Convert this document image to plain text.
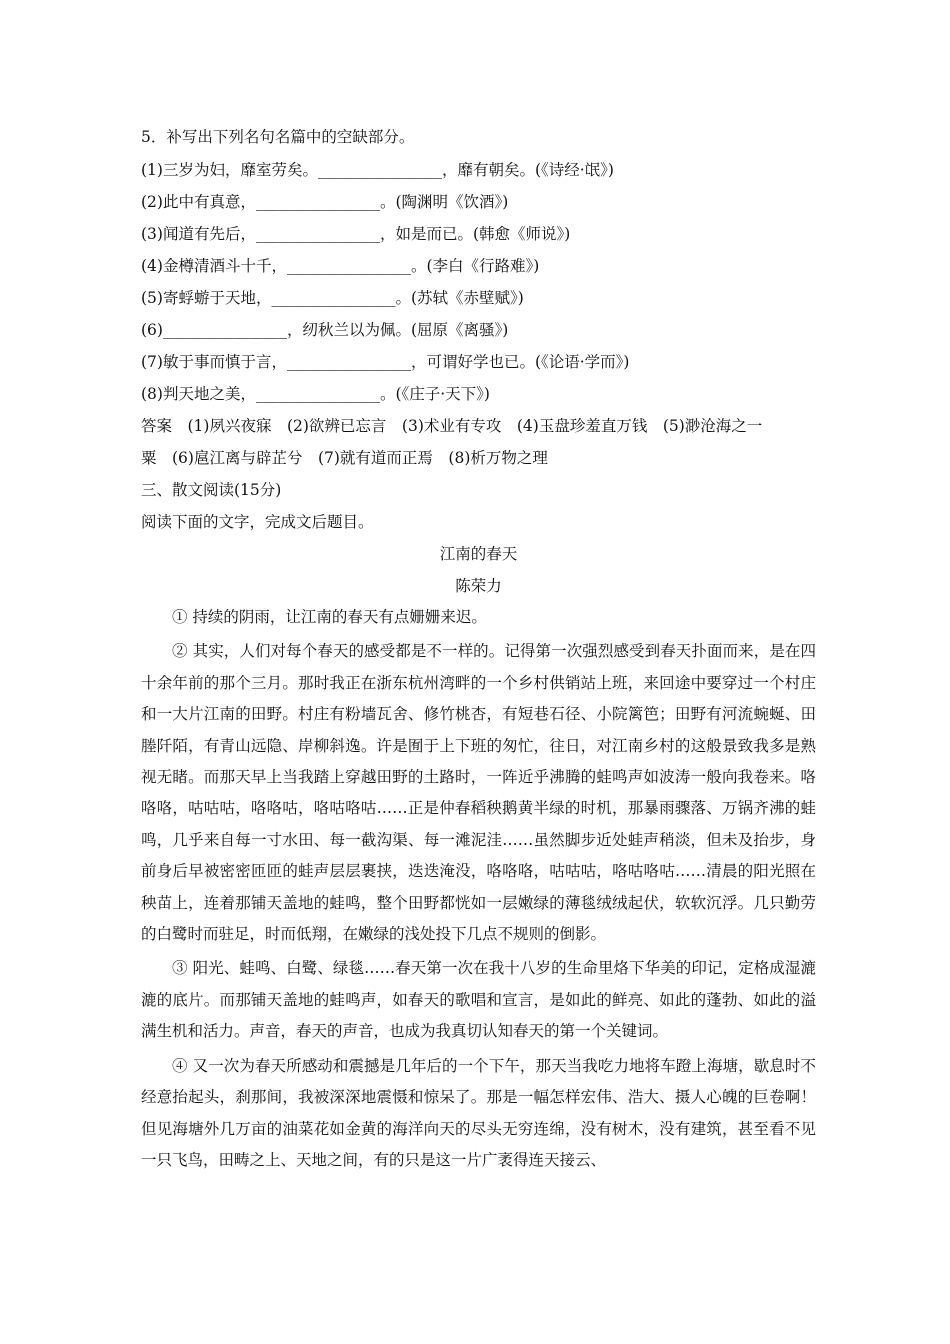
5．补写出下列名句名篇中的空缺部分。

(1)三岁为妇，靡室劳矣。________________，靡有朝矣。(《诗经·氓》)

(2)此中有真意，________________。(陶渊明《饮酒》)

(3)闻道有先后，________________，如是而已。(韩愈《师说》)

(4)金樽清酒斗十千，________________。(李白《行路难》)

(5)寄蜉蝣于天地，________________。(苏轼《赤壁赋》)

(6)________________，纫秋兰以为佩。(屈原《离骚》)

(7)敏于事而慎于言，________________，可谓好学也已。(《论语·学而》)

(8)判天地之美，________________。(《庄子·天下》)

答案　(1)夙兴夜寐　(2)欲辨已忘言　(3)术业有专攻　(4)玉盘珍羞直万钱　(5)渺沧海之一

粟　(6)扈江离与辟芷兮　(7)就有道而正焉　(8)析万物之理

三、散文阅读(15分)

阅读下面的文字，完成文后题目。

江南的春天

陈荣力

① 持续的阴雨，让江南的春天有点姗姗来迟。

② 其实，人们对每个春天的感受都是不一样的。记得第一次强烈感受到春天扑面而来，是在四十余年前的那个三月。那时我正在浙东杭州湾畔的一个乡村供销站上班，来回途中要穿过一个村庄和一大片江南的田野。村庄有粉墙瓦舍、修竹桃杏，有短巷石径、小院篱笆；田野有河流蜿蜒、田塍阡陌，有青山远隐、岸柳斜逸。许是囿于上下班的匆忙，往日，对江南乡村的这般景致我多是熟视无睹。而那天早上当我踏上穿越田野的土路时，一阵近乎沸腾的蛙鸣声如波涛一般向我卷来。咯咯咯，咕咕咕，咯咯咕，咯咕咯咕……正是仲春稻秧鹅黄半绿的时机，那暴雨骤落、万锅齐沸的蛙鸣，几乎来自每一寸水田、每一截沟渠、每一滩泥洼……虽然脚步近处蛙声稍淡，但未及抬步，身前身后早被密密匝匝的蛙声层层裹挟，迭迭淹没，咯咯咯，咕咕咕，咯咕咯咕……清晨的阳光照在秧苗上，连着那铺天盖地的蛙鸣，整个田野都恍如一层嫩绿的薄毯绒绒起伏，软软沉浮。几只勤劳的白鹭时而驻足，时而低翔，在嫩绿的浅处投下几点不规则的倒影。

③ 阳光、蛙鸣、白鹭、绿毯……春天第一次在我十八岁的生命里烙下华美的印记，定格成湿漉漉的底片。而那铺天盖地的蛙鸣声，如春天的歌唱和宣言，是如此的鲜亮、如此的蓬勃、如此的溢满生机和活力。声音，春天的声音，也成为我真切认知春天的第一个关键词。

④ 又一次为春天所感动和震撼是几年后的一个下午，那天当我吃力地将车蹬上海塘，歇息时不经意抬起头，刹那间，我被深深地震慑和惊呆了。那是一幅怎样宏伟、浩大、摄人心魄的巨卷啊！但见海塘外几万亩的油菜花如金黄的海洋向天的尽头无穷连绵，没有树木，没有建筑，甚至看不见一只飞鸟，田畴之上、天地之间，有的只是这一片广袤得连天接云、
